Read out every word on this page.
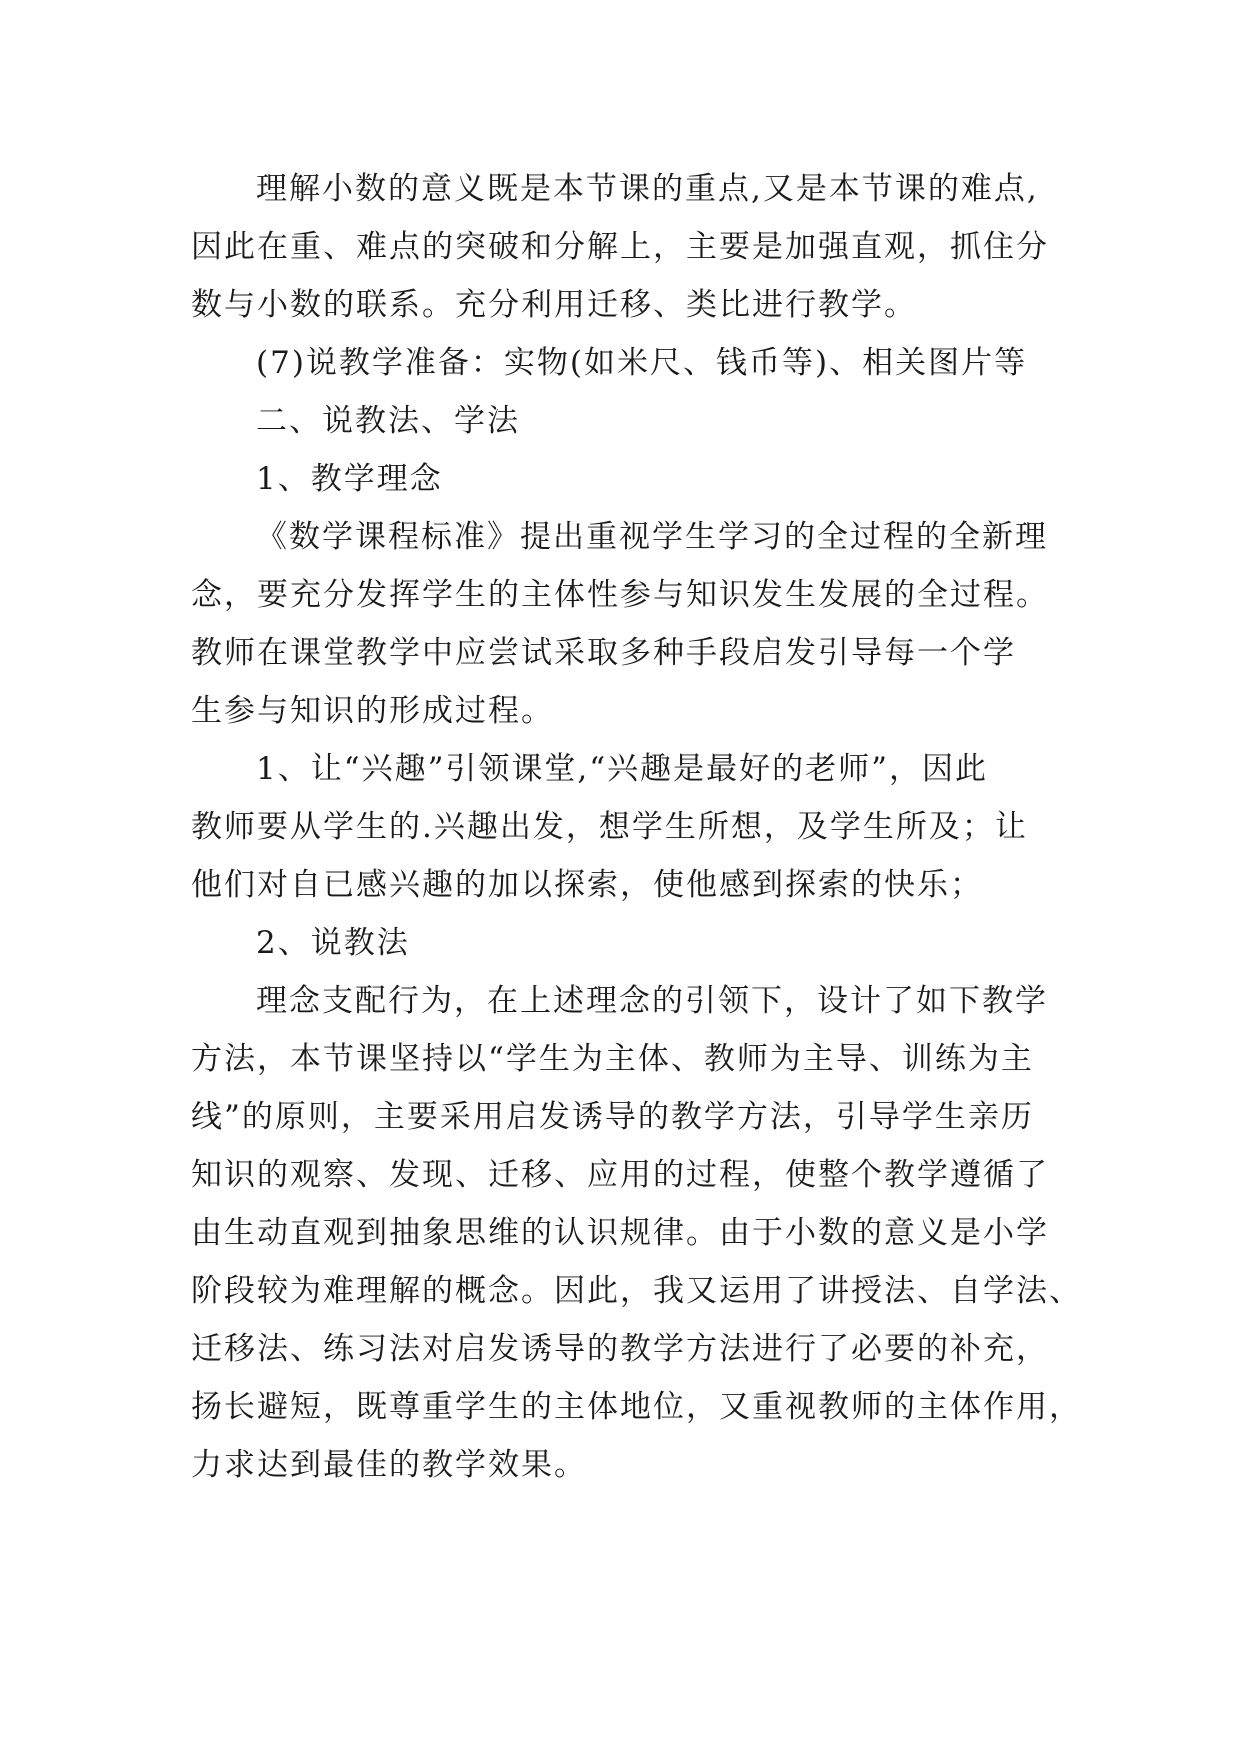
理解小数的意义既是本节课的重点,又是本节课的难点,
因此在重、难点的突破和分解上，主要是加强直观，抓住分
数与小数的联系。充分利用迁移、类比进行教学。
(7)说教学准备：实物(如米尺、钱币等)、相关图片等
二、说教法、学法
1、教学理念
《数学课程标准》提出重视学生学习的全过程的全新理
念，要充分发挥学生的主体性参与知识发生发展的全过程。
教师在课堂教学中应尝试采取多种手段启发引导每一个学
生参与知识的形成过程。
1、让“兴趣”引领课堂,“兴趣是最好的老师”，因此
教师要从学生的.兴趣出发，想学生所想，及学生所及；让
他们对自已感兴趣的加以探索，使他感到探索的快乐；
2、说教法
理念支配行为，在上述理念的引领下，设计了如下教学
方法，本节课坚持以“学生为主体、教师为主导、训练为主
线”的原则，主要采用启发诱导的教学方法，引导学生亲历
知识的观察、发现、迁移、应用的过程，使整个教学遵循了
由生动直观到抽象思维的认识规律。由于小数的意义是小学
阶段较为难理解的概念。因此，我又运用了讲授法、自学法、
迁移法、练习法对启发诱导的教学方法进行了必要的补充，
扬长避短，既尊重学生的主体地位，又重视教师的主体作用，
力求达到最佳的教学效果。
